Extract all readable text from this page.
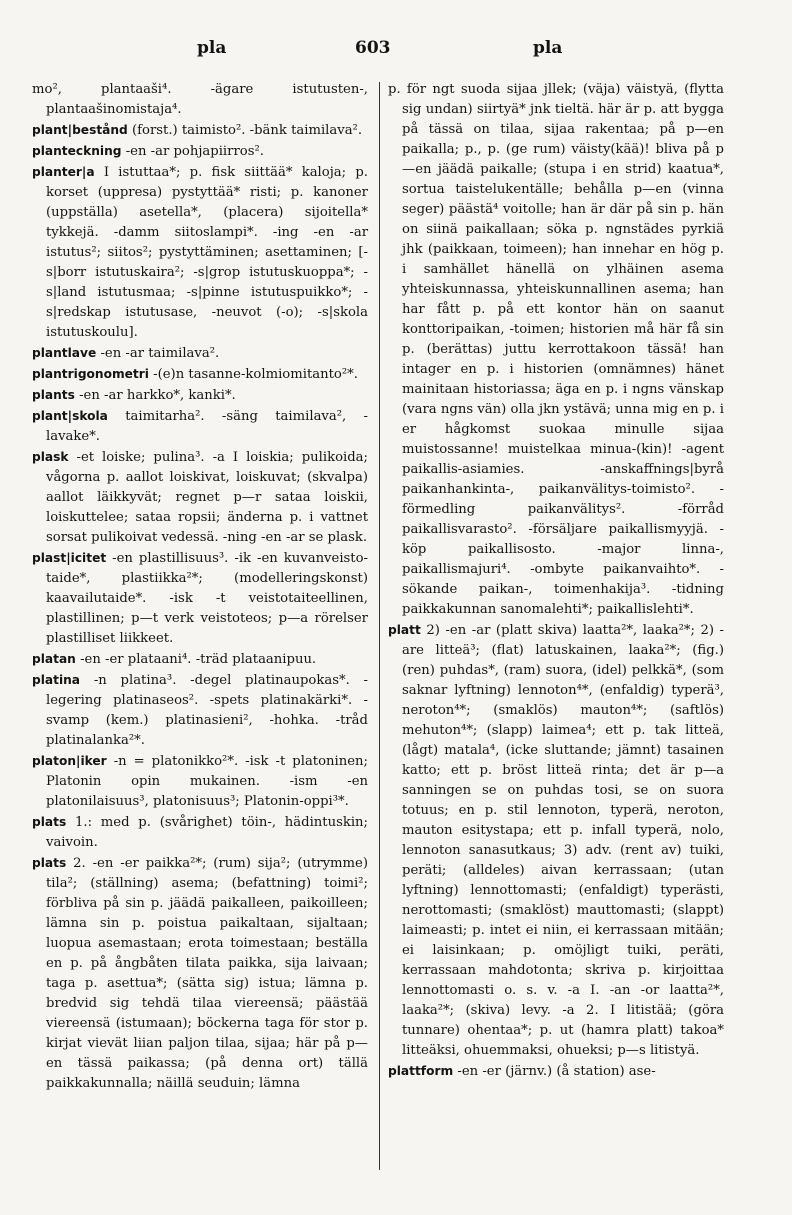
pla	603	pla

mo², plantaaši⁴. -ägare istutusten-, plantaašinomistaja⁴.

plant|bestånd (forst.) taimisto². -bänk taimilava².

planteckning -en -ar pohjapiirros².

planter|a I istuttaa*; p. fisk siittää* kaloja; p. korset (uppresa) pystyttää* risti; p. kanoner (uppställa) asetella*, (placera) sijoitella* tykkejä. -damm siitoslampi*. -ing -en -ar istutus²; siitos²; pystyttäminen; asettaminen; [-s|borr istutuskaira²; -s|grop istutuskuoppa*; -s|land istutusmaa; -s|pinne istutuspuikko*; -s|redskap istutusase, -neuvot (-o); -s|skola istutuskoulu].

plantlave -en -ar taimilava².

plantrigonometri -(e)n tasanne-kolmiomitanto²*.

plants -en -ar harkko*, kanki*.

plant|skola taimitarha². -säng taimilava², -lavake*.

plask -et loiske; pulina³. -a I loiskia; pulikoida; vågorna p. aallot loiskivat, loiskuvat; (skvalpa) aallot läikkyvät; regnet p—r sataa loiskii, loiskuttelee; sataa ropsii; änderna p. i vattnet sorsat pulikoivat vedessä. -ning -en -ar se plask.

plast|icitet -en plastillisuus³. -ik -en kuvanveisto-taide*, plastiikka²*; (modelleringskonst) kaavailutaide*. -isk -t veistotaiteellinen, plastillinen; p—t verk veistoteos; p—a rörelser plastilliset liikkeet.

platan -en -er plataani⁴. -träd plataanipuu.

platina -n platina³. -degel platinaupokas*. -legering platinaseos². -spets platinakärki*. -svamp (kem.) platinasieni², -hohka. -tråd platinalanka²*.

platon|iker -n = platonikko²*. -isk -t platoninen; Platonin opin mukainen. -ism -en platonilaisuus³, platonisuus³; Platonin-oppi³*.

plats 1.: med p. (svårighet) töin-, hädintuskin; vaivoin.

plats 2. -en -er paikka²*; (rum) sija²; (utrymme) tila²; (ställning) asema; (befattning) toimi²; förbliva på sin p. jäädä paikalleen, paikoilleen; lämna sin p. poistua paikaltaan, sijaltaan; luopua asemastaan; erota toimestaan; beställa en p. på ångbåten tilata paikka, sija laivaan; taga p. asettua*; (sätta sig) istua; lämna p. bredvid sig tehdä tilaa viereensä; päästää viereensä (istumaan); böckerna taga för stor p. kirjat vievät liian paljon tilaa, sijaa; här på p—en tässä paikassa; (på denna ort) tällä paikkakunnalla; näillä seuduin; lämna

p. för ngt suoda sijaa jllek; (väja) väistyä, (flytta sig undan) siirtyä* jnk tieltä. här är p. att bygga på tässä on tilaa, sijaa rakentaa; på p—en paikalla; p., p. (ge rum) väisty(kää)! bliva på p—en jäädä paikalle; (stupa i en strid) kaatua*, sortua taistelukentälle; behålla p—en (vinna seger) päästä⁴ voitolle; han är där på sin p. hän on siinä paikallaan; söka p. ngnstädes pyrkiä jhk (paikkaan, toimeen); han innehar en hög p. i samhället hänellä on ylhäinen asema yhteiskunnassa, yhteiskunnallinen asema; han har fått p. på ett kontor hän on saanut konttoripaikan, -toimen; historien må här få sin p. (berättas) juttu kerrottakoon tässä! han intager en p. i historien (omnämnes) hänet mainitaan historiassa; äga en p. i ngns vänskap (vara ngns vän) olla jkn ystävä; unna mig en p. i er hågkomst suokaa minulle sijaa muistossanne! muistelkaa minua-(kin)! -agent paikallis-asiamies. -anskaffnings|byrå paikanhankinta-, paikanvälitys-toimisto². -förmedling paikanvälitys². -förråd paikallisvarasto². -försäljare paikallismyyjä. -köp paikallisosto. -major linna-, paikallismajuri⁴. -ombyte paikanvaihto*. -sökande paikan-, toimenhakija³. -tidning paikkakunnan sanomalehti*; paikallislehti*.

platt 2) -en -ar (platt skiva) laatta²*, laaka²*; 2) -are litteä³; (flat) latuskainen, laaka²*; (fig.) (ren) puhdas*, (ram) suora, (idel) pelkkä*, (som saknar lyftning) lennoton⁴*, (enfaldig) typerä³, neroton⁴*; (smaklös) mauton⁴*; (saftlös) mehuton⁴*; (slapp) laimea⁴; ett p. tak litteä, (lågt) matala⁴, (icke sluttande; jämnt) tasainen katto; ett p. bröst litteä rinta; det är p—a sanningen se on puhdas tosi, se on suora totuus; en p. stil lennoton, typerä, neroton, mauton esitystapa; ett p. infall typerä, nolo, lennoton sanasutkaus; 3) adv. (rent av) tuiki, peräti; (alldeles) aivan kerrassaan; (utan lyftning) lennottomasti; (enfaldigt) typerästi, nerottomasti; (smaklöst) mauttomasti; (slappt) laimeasti; p. intet ei niin, ei kerrassaan mitään; ei laisinkaan; p. omöjligt tuiki, peräti, kerrassaan mahdotonta; skriva p. kirjoittaa lennottomasti o. s. v. -a I. -an -or laatta²*, laaka²*; (skiva) levy. -a 2. I litistää; (göra tunnare) ohentaa*; p. ut (hamra platt) takoa* litteäksi, ohuemmaksi, ohueksi; p—s litistyä.

plattform -en -er (järnv.) (å station) ase-
